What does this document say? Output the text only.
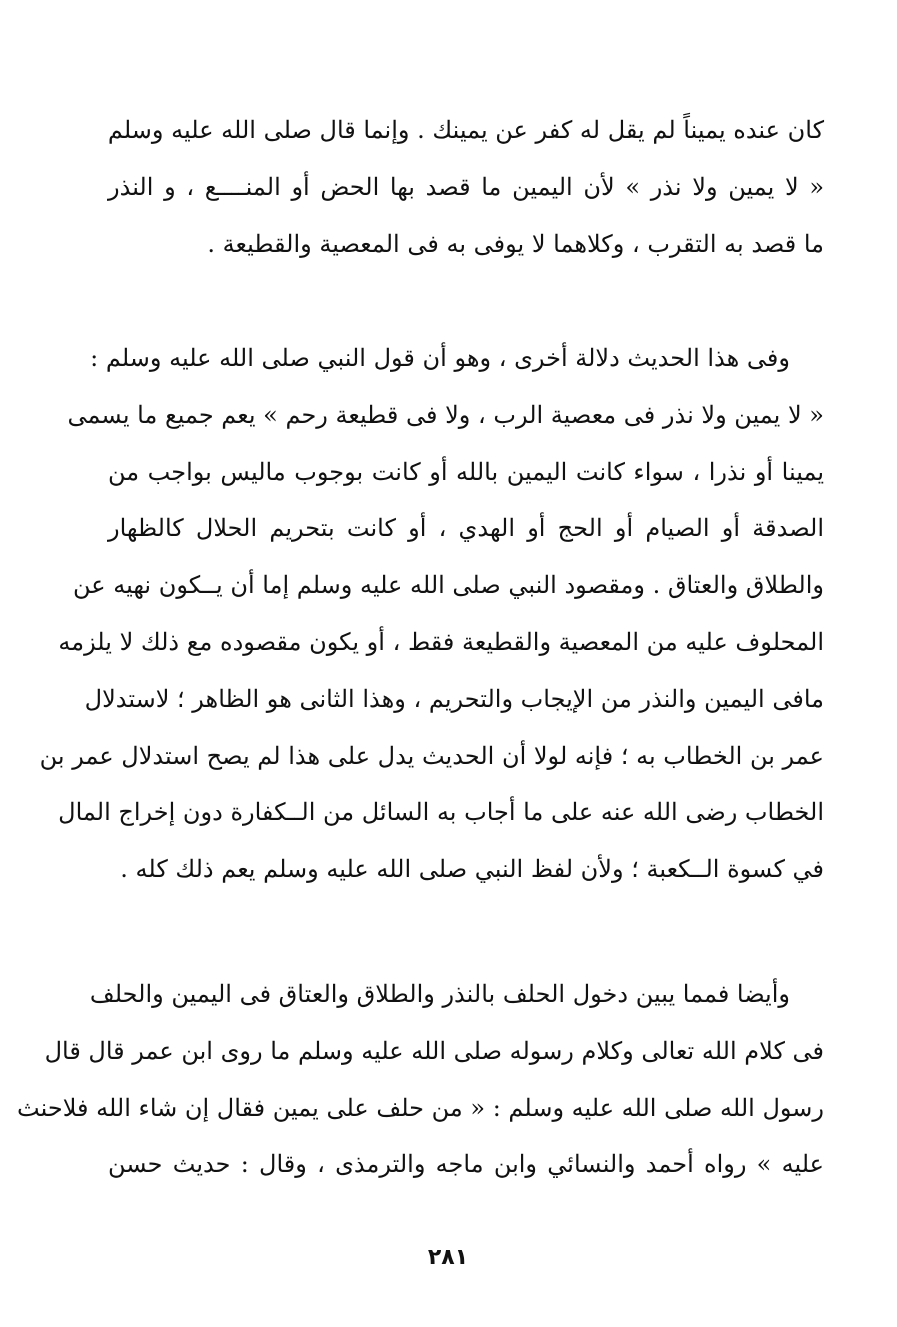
كان عنده يميناً لم يقل له كفر عن يمينك . وإنما قال صلى الله عليه وسلم
« لا يمين ولا نذر » لأن اليمين ما قصد بها الحض أو المنــــع ، و النذر
ما قصد به التقرب ، وكلاهما لا يوفى به فى المعصية والقطيعة .
وفى هذا الحديث دلالة أخرى ، وهو أن قول النبي صلى الله عليه وسلم :
« لا يمين ولا نذر فى معصية الرب ، ولا فى قطيعة رحم » يعم جميع ما يسمى
يمينا أو نذرا ، سواء كانت اليمين بالله أو كانت بوجوب ماليس بواجب من
الصدقة أو الصيام أو الحج أو الهدي ، أو كانت بتحريم الحلال كالظهار
والطلاق والعتاق . ومقصود النبي صلى الله عليه وسلم إما أن يــكون نهيه عن
المحلوف عليه من المعصية والقطيعة فقط ، أو يكون مقصوده مع ذلك لا يلزمه
مافى اليمين والنذر من الإيجاب والتحريم ، وهذا الثانى هو الظاهر ؛ لاستدلال
عمر بن الخطاب به ؛ فإنه لولا أن الحديث يدل على هذا لم يصح استدلال عمر بن
الخطاب رضى الله عنه على ما أجاب به السائل من الــكفارة دون إخراج المال
في كسوة الــكعبة ؛ ولأن لفظ النبي صلى الله عليه وسلم يعم ذلك كله .
وأيضا فمما يبين دخول الحلف بالنذر والطلاق والعتاق فى اليمين والحلف
فى كلام الله تعالى وكلام رسوله صلى الله عليه وسلم ما روى ابن عمر قال قال
رسول الله صلى الله عليه وسلم : « من حلف على يمين فقال إن شاء الله فلاحنث
عليه » رواه أحمد والنسائي وابن ماجه والترمذى ، وقال : حديث حسن
٢٨١
